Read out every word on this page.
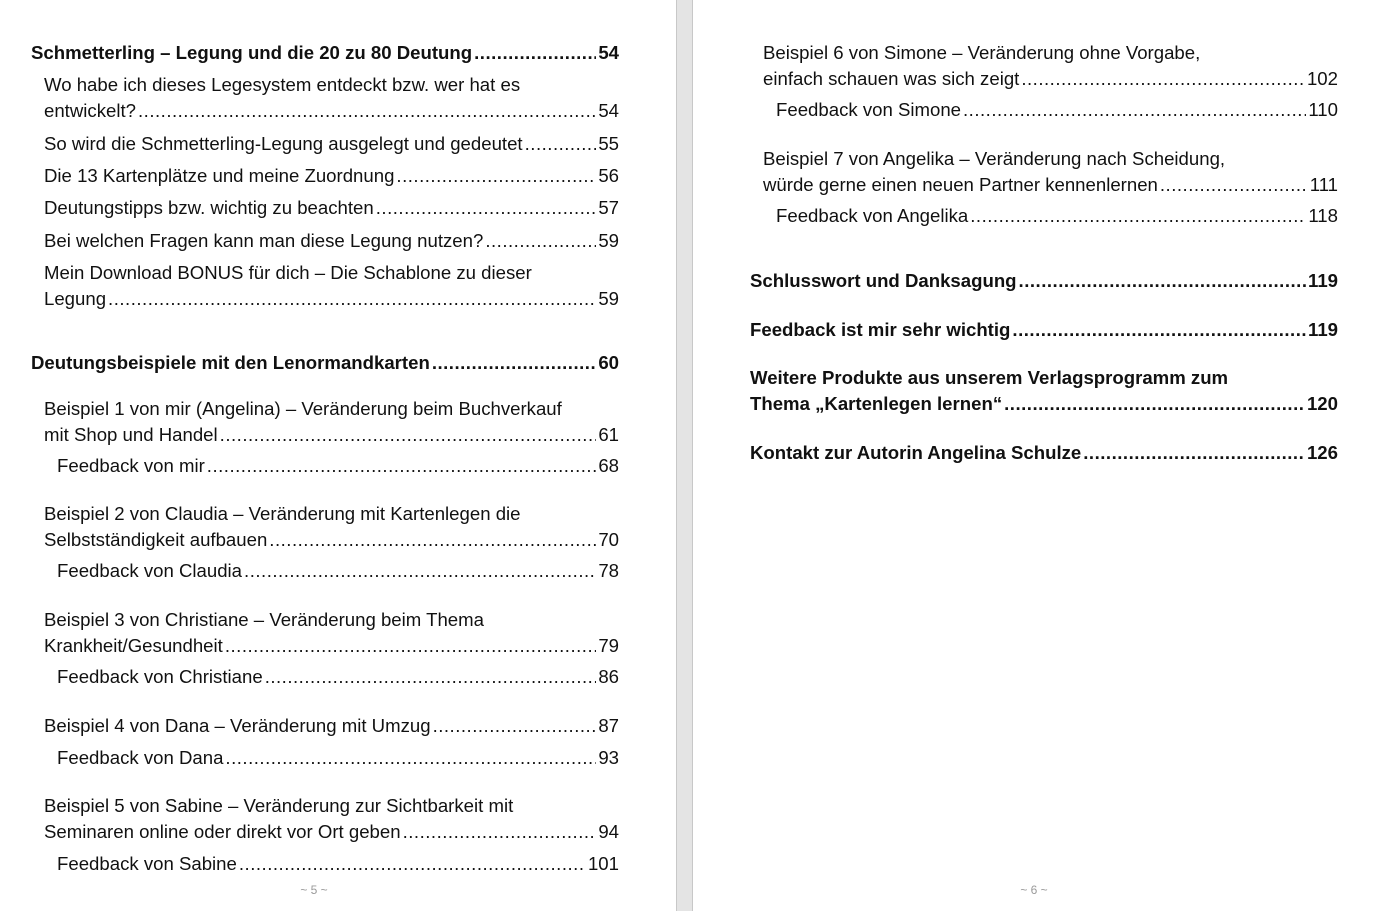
Schmetterling – Legung und die 20 zu 80 Deutung .....	54
Wo habe ich dieses Legesystem entdeckt bzw. wer hat es
entwickelt? .....	54
So wird die Schmetterling-Legung ausgelegt und gedeutet .....	55
Die 13 Kartenplätze und meine Zuordnung .....	56
Deutungstipps bzw. wichtig zu beachten .....	57
Bei welchen Fragen kann man diese Legung nutzen? .....	59
Mein Download BONUS für dich – Die Schablone zu dieser
Legung .....	59
Deutungsbeispiele mit den Lenormandkarten .....	60
Beispiel 1 von mir (Angelina) – Veränderung beim Buchverkauf
mit Shop und Handel .....	61
Feedback von mir .....	68
Beispiel 2 von Claudia – Veränderung mit Kartenlegen die
Selbstständigkeit aufbauen .....	70
Feedback von Claudia .....	78
Beispiel 3 von Christiane – Veränderung beim Thema
Krankheit/Gesundheit .....	79
Feedback von Christiane .....	86
Beispiel 4 von Dana – Veränderung mit Umzug .....	87
Feedback von Dana .....	93
Beispiel 5 von Sabine – Veränderung zur Sichtbarkeit mit
Seminaren online oder direkt vor Ort geben .....	94
Feedback von Sabine .....	101
~ 5 ~
Beispiel 6 von Simone – Veränderung ohne Vorgabe,
einfach schauen was sich zeigt .....	102
Feedback von Simone .....	110
Beispiel 7 von Angelika – Veränderung nach Scheidung,
würde gerne einen neuen Partner kennenlernen .....	111
Feedback von Angelika .....	118
Schlusswort und Danksagung .....	119
Feedback ist mir sehr wichtig .....	119
Weitere Produkte aus unserem Verlagsprogramm zum
Thema „Kartenlegen lernen“ .....	120
Kontakt zur Autorin Angelina Schulze .....	126
~ 6 ~
